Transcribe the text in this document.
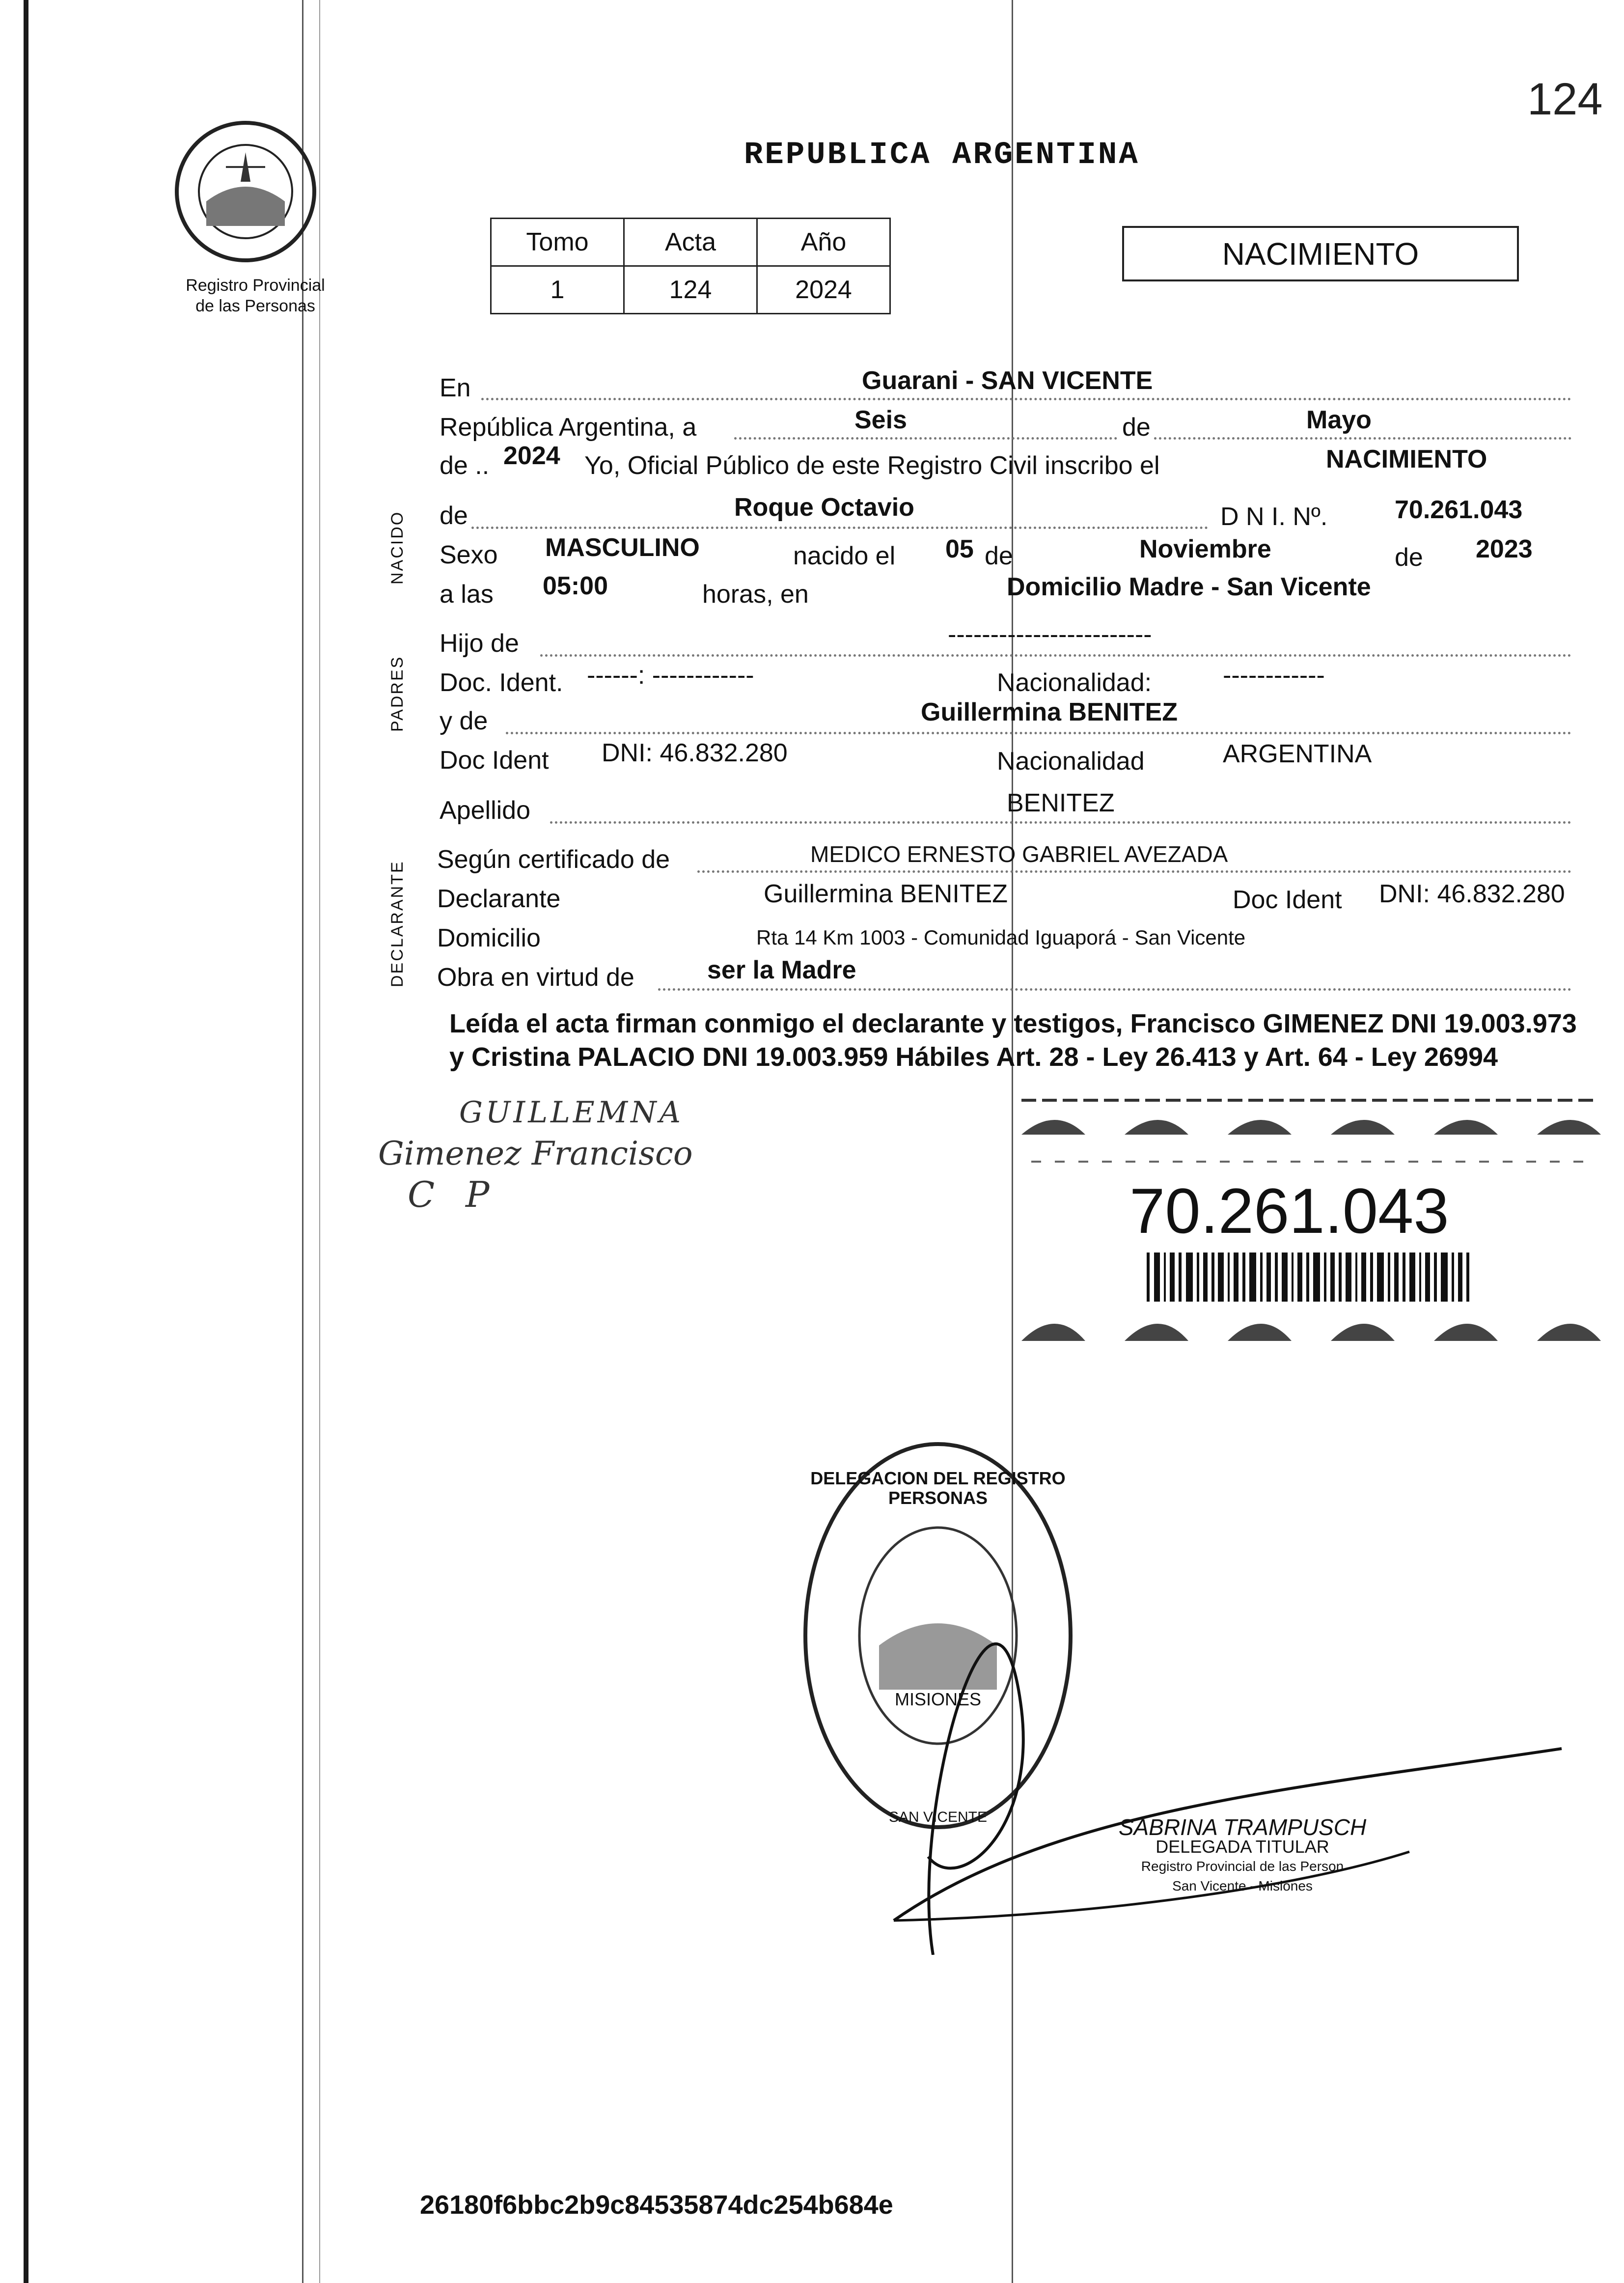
124
Registro Provincial
de las Personas
REPUBLICA ARGENTINA
Tomo	Acta	Año
1	124	2024
NACIMIENTO
NACIDO
PADRES
DECLARANTE
En	Guarani - SAN VICENTE
República Argentina, a	Seis	de	Mayo
de .. 2024 Yo, Oficial Público de este Registro Civil inscribo el	NACIMIENTO
de	Roque Octavio	D N I. Nº.	70.261.043
Sexo MASCULINO	nacido el 05 de	Noviembre	de 2023
a las 05:00	horas, en	Domicilio Madre - San Vicente
Hijo de	------------------------
Doc. Ident. ------: ------------	Nacionalidad:	------------
y de	Guillermina BENITEZ
Doc Ident DNI: 46.832.280	Nacionalidad	ARGENTINA
Apellido	BENITEZ
Según certificado de	MEDICO ERNESTO GABRIEL AVEZADA
Declarante	Guillermina BENITEZ	Doc Ident DNI: 46.832.280
Domicilio	Rta 14 Km 1003 - Comunidad Iguaporá - San Vicente
Obra en virtud de	ser la Madre
Leída el acta firman conmigo el declarante y testigos, Francisco GIMENEZ DNI 19.003.973 y Cristina PALACIO DNI 19.003.959 Hábiles Art. 28 - Ley 26.413 y Art. 64 - Ley 26994
GUILLEMNA
Gimenez Francisco
C P	70.261.043
DELEGACION DEL REGISTRO PERSONAS
MISIONES
SAN VICENTE	SABRINA TRAMPUSCH
DELEGADA TITULAR
Registro Provincial de las Person
San Vicente - Misiones
26180f6bbc2b9c84535874dc254b684e
